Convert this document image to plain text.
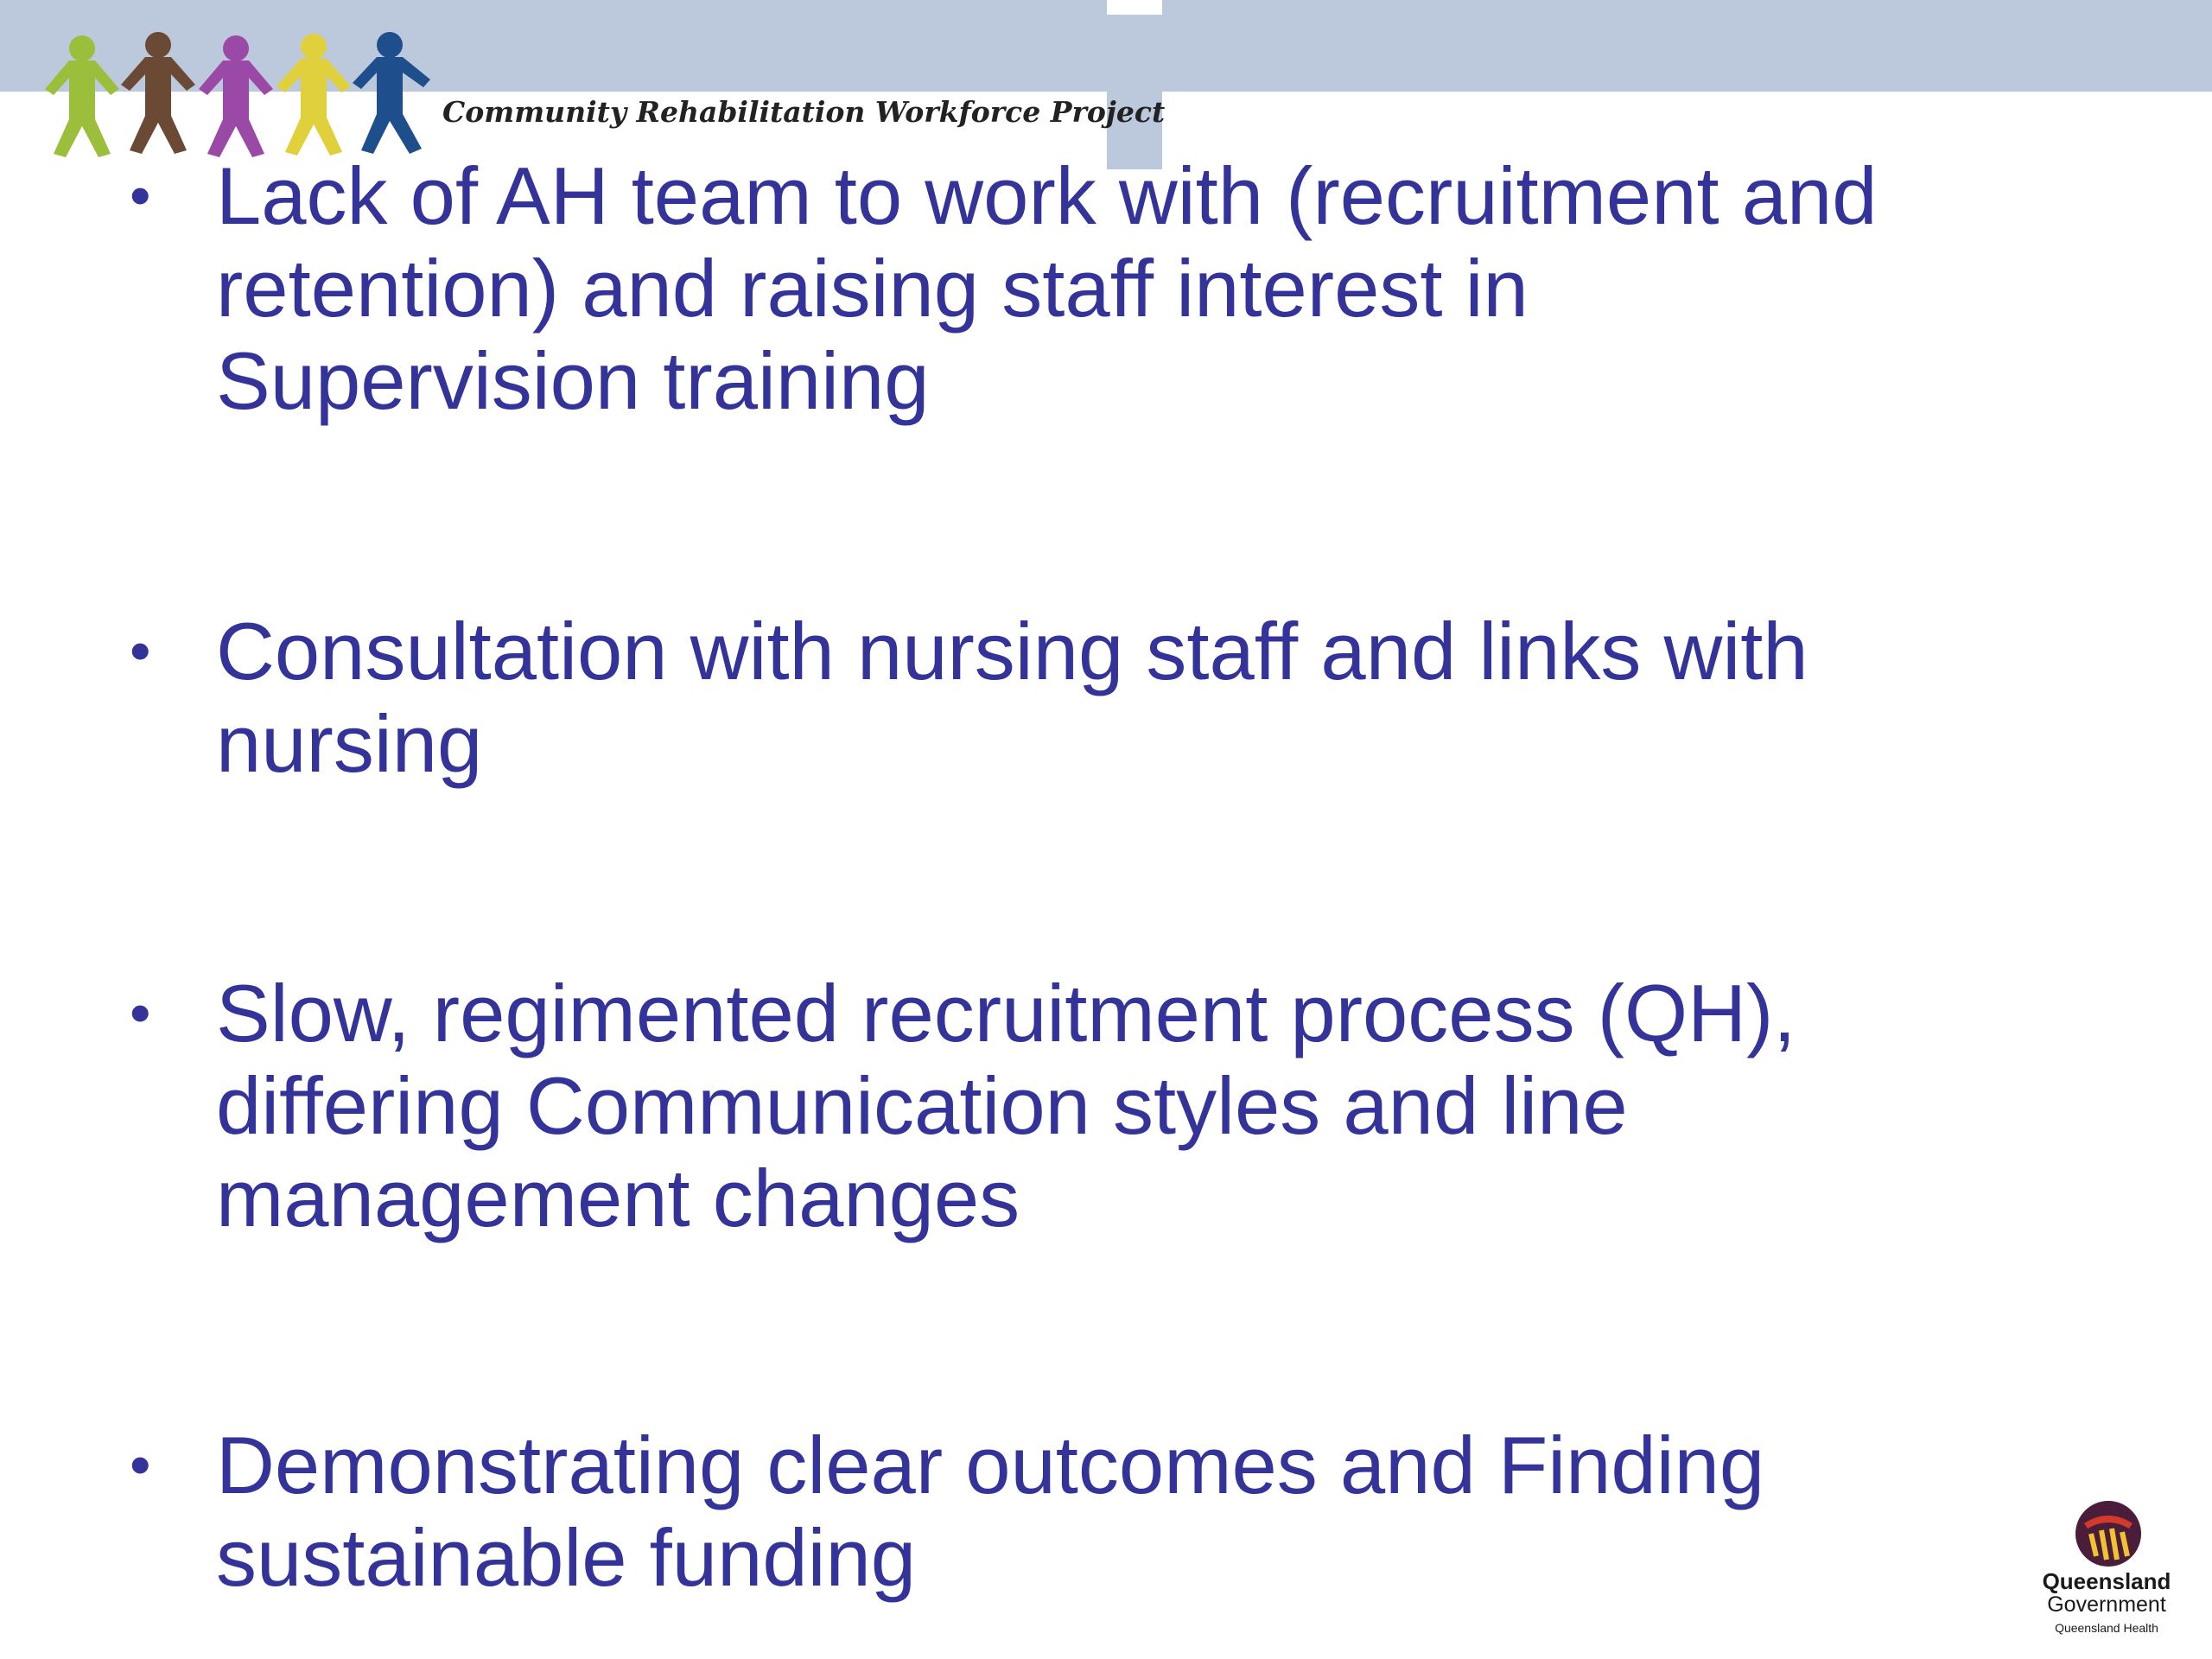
Community Rehabilitation Workforce Project
• Lack of AH team to work with (recruitment and
retention) and raising staff interest in
Supervision training
• Consultation with nursing staff and links with
nursing
• Slow, regimented recruitment process (QH),
differing Communication styles and line
management changes
• Demonstrating clear outcomes and Finding
sustainable funding	Queensland
Government
Queensland Health
